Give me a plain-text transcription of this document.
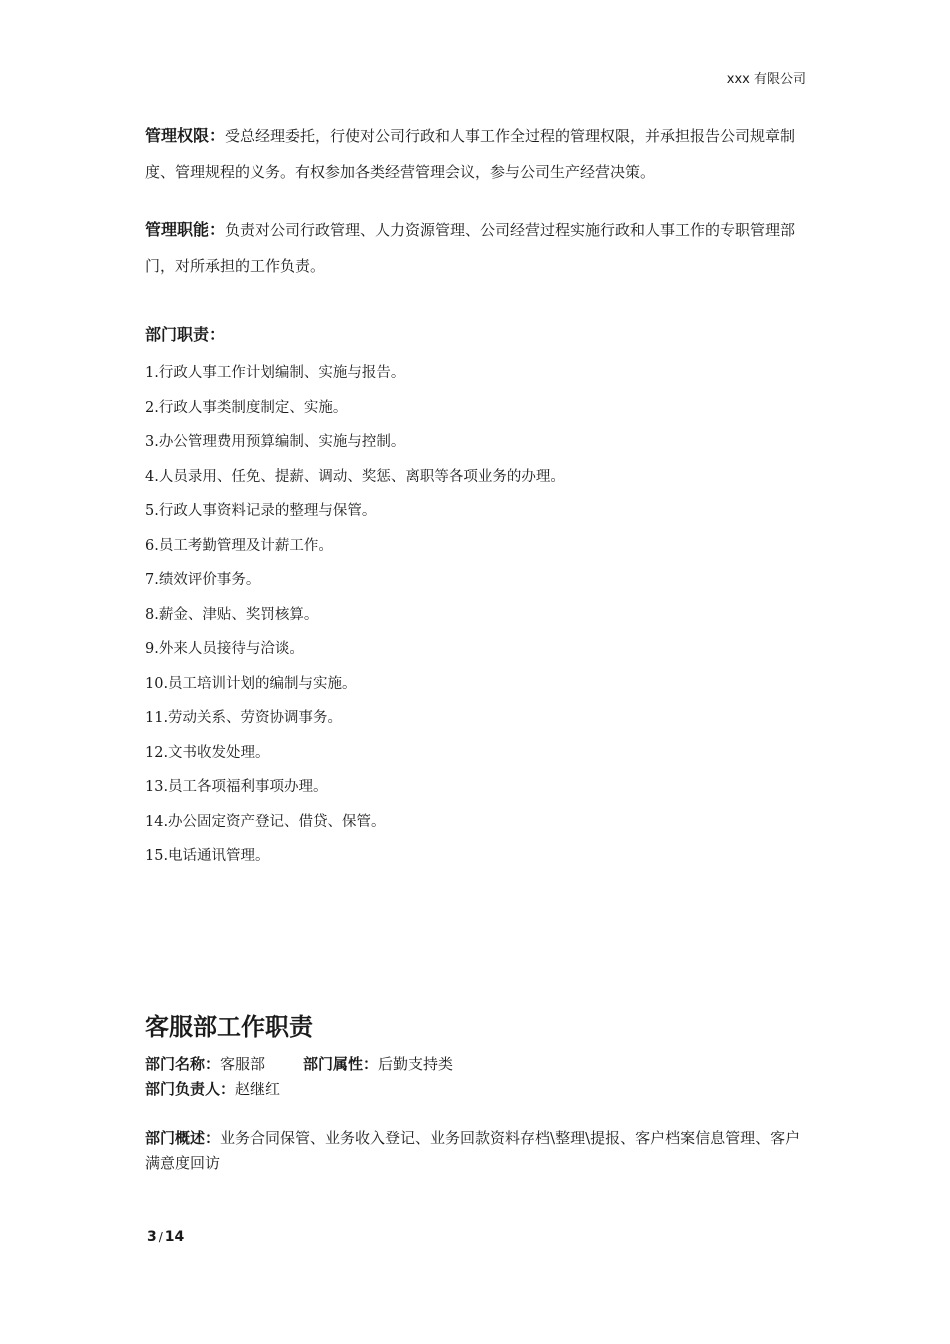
xxx 有限公司
管理权限：受总经理委托，行使对公司行政和人事工作全过程的管理权限，并承担报告公司规章制度、管理规程的义务。有权参加各类经营管理会议，参与公司生产经营决策。
管理职能：负责对公司行政管理、人力资源管理、公司经营过程实施行政和人事工作的专职管理部门，对所承担的工作负责。
部门职责：
1.行政人事工作计划编制、实施与报告。
2.行政人事类制度制定、实施。
3.办公管理费用预算编制、实施与控制。
4.人员录用、任免、提薪、调动、奖惩、离职等各项业务的办理。
5.行政人事资料记录的整理与保管。
6.员工考勤管理及计薪工作。
7.绩效评价事务。
8.薪金、津贴、奖罚核算。
9.外来人员接待与洽谈。
10.员工培训计划的编制与实施。
11.劳动关系、劳资协调事务。
12.文书收发处理。
13.员工各项福利事项办理。
14.办公固定资产登记、借贷、保管。
15.电话通讯管理。
客服部工作职责
部门名称：客服部	部门属性：后勤支持类
部门负责人：赵继红
部门概述：业务合同保管、业务收入登记、业务回款资料存档\整理\提报、客户档案信息管理、客户满意度回访
3 / 14
